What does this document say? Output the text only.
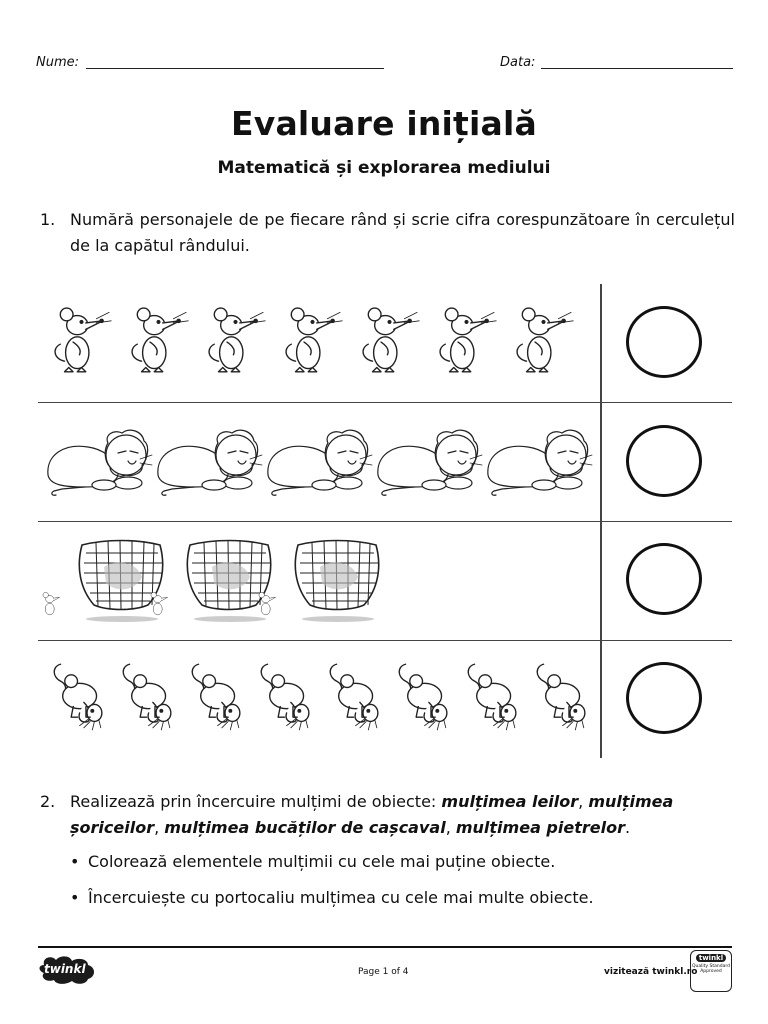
Nume:	Data:
Evaluare inițială
Matematică și explorarea mediului
1. Numără personajele de pe fiecare rând și scrie cifra corespunzătoare în cerculețul de la capătul rândului.
2. Realizează prin încercuire mulțimi de obiecte: mulțimea leilor, mulțimea șoriceilor, mulțimea bucăților de cașcaval, mulțimea pietrelor.
• Colorează elementele mulțimii cu cele mai puține obiecte.
• Încercuiește cu portocaliu mulțimea cu cele mai multe obiecte.
twinkl	Page 1 of 4	vizitează twinkl.ro
twinkl
Quality Standard Approved
